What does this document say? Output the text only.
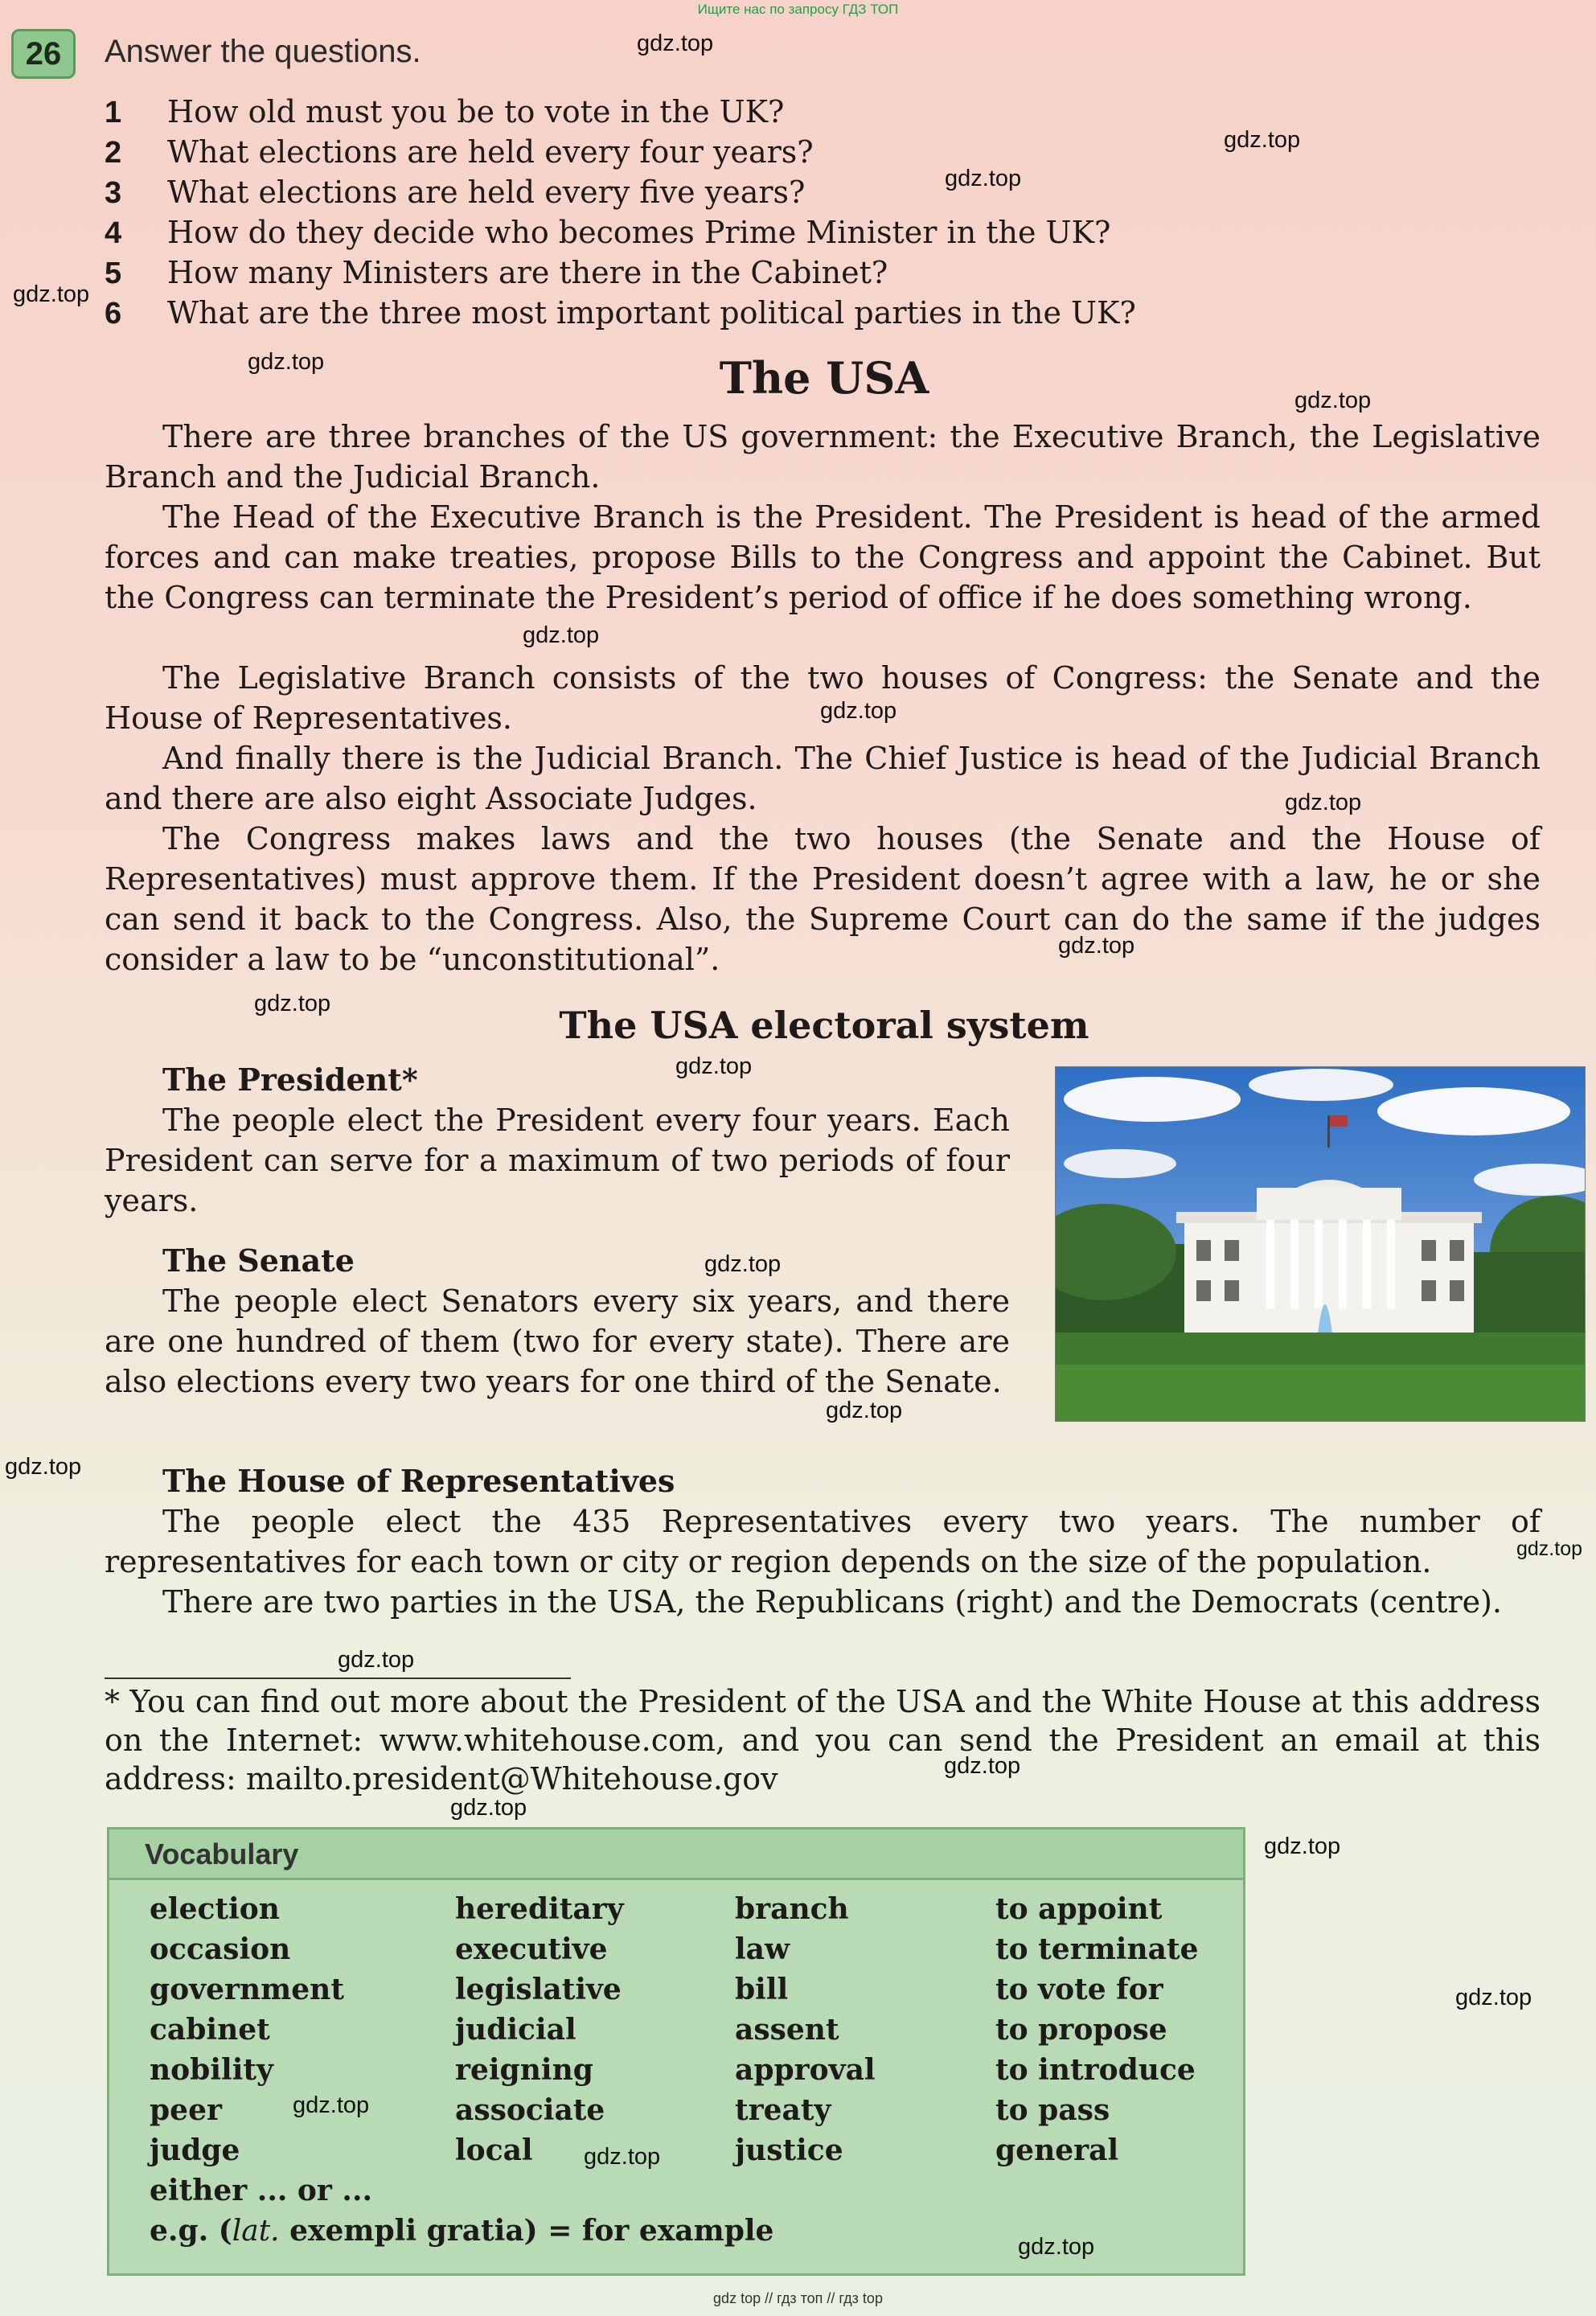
Ищите нас по запросу ГДЗ ТОП
26	Answer the questions.
1 How old must you be to vote in the UK?
2 What elections are held every four years?
3 What elections are held every five years?
4 How do they decide who becomes Prime Minister in the UK?
5 How many Ministers are there in the Cabinet?
6 What are the three most important political parties in the UK?
The USA
There are three branches of the US government: the Executive Branch, the Legislative Branch and the Judicial Branch.
The Head of the Executive Branch is the President. The President is head of the armed forces and can make treaties, propose Bills to the Congress and appoint the Cabinet. But the Congress can terminate the President’s period of office if he does something wrong.
The Legislative Branch consists of the two houses of Congress: the Senate and the House of Representatives.
And finally there is the Judicial Branch. The Chief Justice is head of the Judicial Branch and there are also eight Associate Judges.
The Congress makes laws and the two houses (the Senate and the House of Representatives) must approve them. If the President doesn’t agree with a law, he or she can send it back to the Congress. Also, the Supreme Court can do the same if the judges consider a law to be “unconstitutional”.
The USA electoral system
The President*
The people elect the President every four years. Each President can serve for a maximum of two periods of four years.
The Senate
The people elect Senators every six years, and there are one hundred of them (two for every state). There are also elections every two years for one third of the Senate.
The House of Representatives
The people elect the 435 Representatives every two years. The number of representatives for each town or city or region depends on the size of the population.
There are two parties in the USA, the Republicans (right) and the Democrats (centre).
* You can find out more about the President of the USA and the White House at this address on the Internet: www.whitehouse.com, and you can send the President an email at this address: mailto.president@Whitehouse.gov
Vocabulary
election
occasion
government
cabinet
nobility
peer
judge
either ... or ...
e.g. (lat. exempli gratia) = for example
hereditary
executive
legislative
judicial
reigning
associate
local
branch
law
bill
assent
approval
treaty
justice
to appoint
to terminate
to vote for
to propose
to introduce
to pass
general
gdz.top
gdz.top
gdz.top
gdz.top
gdz.top
gdz.top
gdz.top
gdz.top
gdz.top
gdz.top
gdz.top
gdz.top
gdz.top
gdz.top
gdz.top
gdz.top
gdz.top
gdz.top
gdz.top
gdz.top
gdz.top
gdz.top
gdz.top
gdz.top
gdz top // гдз топ // гдз top
